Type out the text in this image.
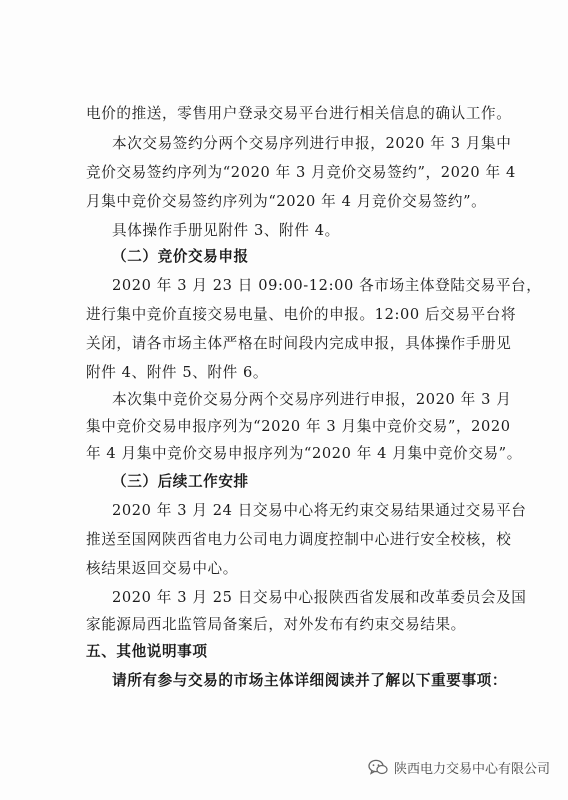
电价的推送，零售用户登录交易平台进行相关信息的确认工作。
本次交易签约分两个交易序列进行申报，2020 年 3 月集中
竞价交易签约序列为“2020 年 3 月竞价交易签约”，2020 年 4
月集中竞价交易签约序列为“2020 年 4 月竞价交易签约”。
具体操作手册见附件 3、附件 4。
（二）竞价交易申报
2020 年 3 月 23 日 09:00-12:00 各市场主体登陆交易平台，
进行集中竞价直接交易电量、电价的申报。12:00 后交易平台将
关闭，请各市场主体严格在时间段内完成申报，具体操作手册见
附件 4、附件 5、附件 6。
本次集中竞价交易分两个交易序列进行申报，2020 年 3 月
集中竞价交易申报序列为“2020 年 3 月集中竞价交易”，2020
年 4 月集中竞价交易申报序列为“2020 年 4 月集中竞价交易”。
（三）后续工作安排
2020 年 3 月 24 日交易中心将无约束交易结果通过交易平台
推送至国网陕西省电力公司电力调度控制中心进行安全校核，校
核结果返回交易中心。
2020 年 3 月 25 日交易中心报陕西省发展和改革委员会及国
家能源局西北监管局备案后，对外发布有约束交易结果。
五、其他说明事项
请所有参与交易的市场主体详细阅读并了解以下重要事项：
陕西电力交易中心有限公司
